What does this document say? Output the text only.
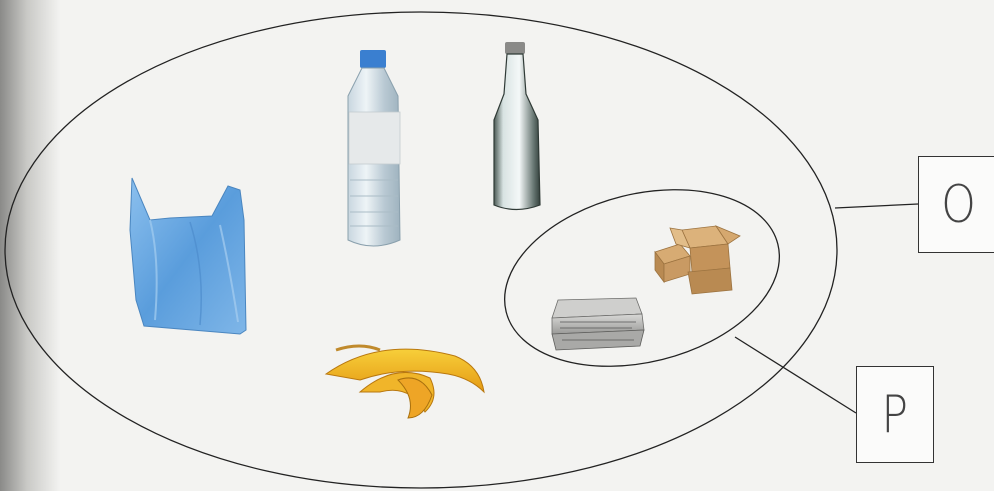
O
P
